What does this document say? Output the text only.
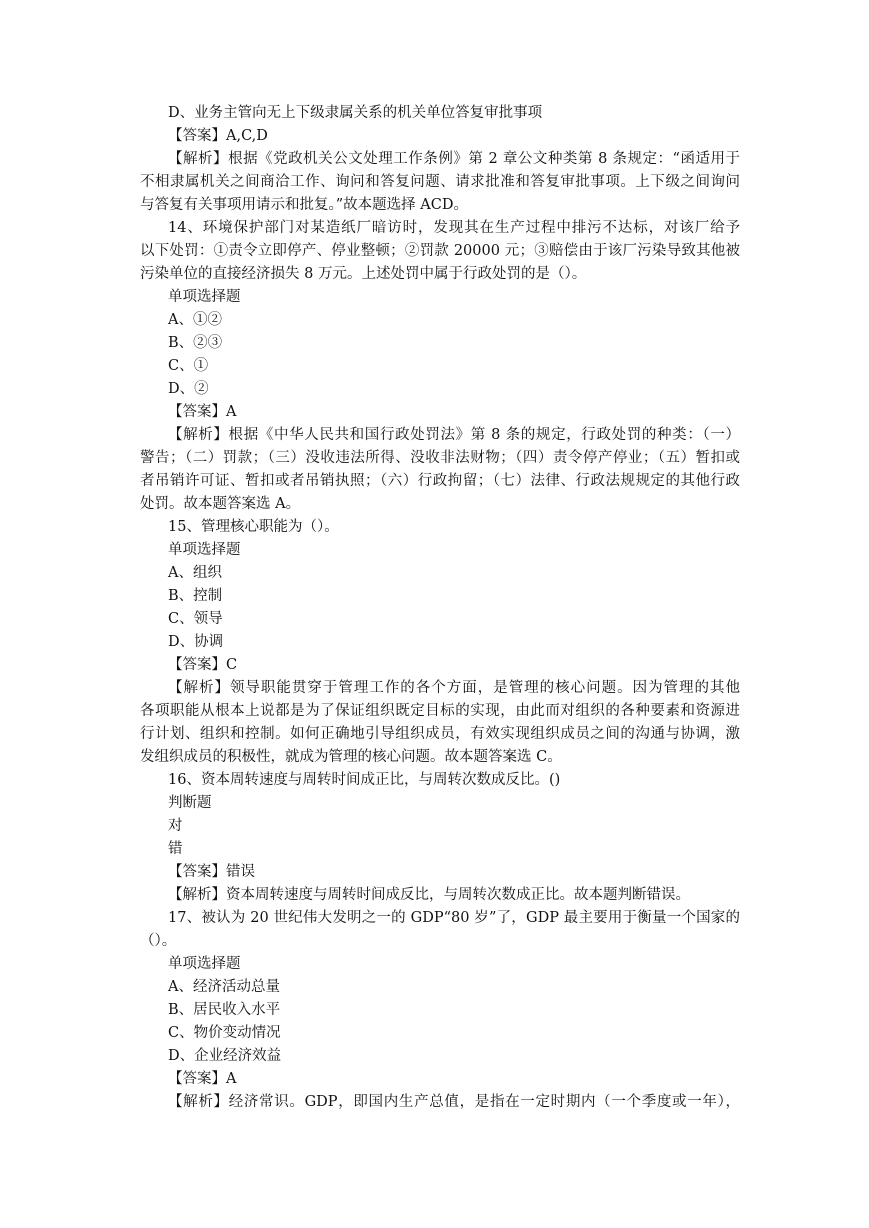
D、业务主管向无上下级隶属关系的机关单位答复审批事项
【答案】A,C,D
【解析】根据《党政机关公文处理工作条例》第 2 章公文种类第 8 条规定：“函适用于
不相隶属机关之间商洽工作、询问和答复问题、请求批准和答复审批事项。上下级之间询问
与答复有关事项用请示和批复。”故本题选择 ACD。
14、环境保护部门对某造纸厂暗访时，发现其在生产过程中排污不达标，对该厂给予
以下处罚：①责令立即停产、停业整顿；②罚款 20000 元；③赔偿由于该厂污染导致其他被
污染单位的直接经济损失 8 万元。上述处罚中属于行政处罚的是（）。
单项选择题
A、①②
B、②③
C、①
D、②
【答案】A
【解析】根据《中华人民共和国行政处罚法》第 8 条的规定，行政处罚的种类：（一）
警告；（二）罚款；（三）没收违法所得、没收非法财物；（四）责令停产停业；（五）暂扣或
者吊销许可证、暂扣或者吊销执照；（六）行政拘留；（七）法律、行政法规规定的其他行政
处罚。故本题答案选 A。
15、管理核心职能为（）。
单项选择题
A、组织
B、控制
C、领导
D、协调
【答案】C
【解析】领导职能贯穿于管理工作的各个方面，是管理的核心问题。因为管理的其他
各项职能从根本上说都是为了保证组织既定目标的实现，由此而对组织的各种要素和资源进
行计划、组织和控制。如何正确地引导组织成员，有效实现组织成员之间的沟通与协调，激
发组织成员的积极性，就成为管理的核心问题。故本题答案选 C。
16、资本周转速度与周转时间成正比，与周转次数成反比。()
判断题
对
错
【答案】错误
【解析】资本周转速度与周转时间成反比，与周转次数成正比。故本题判断错误。
17、被认为 20 世纪伟大发明之一的 GDP“80 岁”了，GDP 最主要用于衡量一个国家的
（）。
单项选择题
A、经济活动总量
B、居民收入水平
C、物价变动情况
D、企业经济效益
【答案】A
【解析】经济常识。GDP，即国内生产总值，是指在一定时期内（一个季度或一年），
